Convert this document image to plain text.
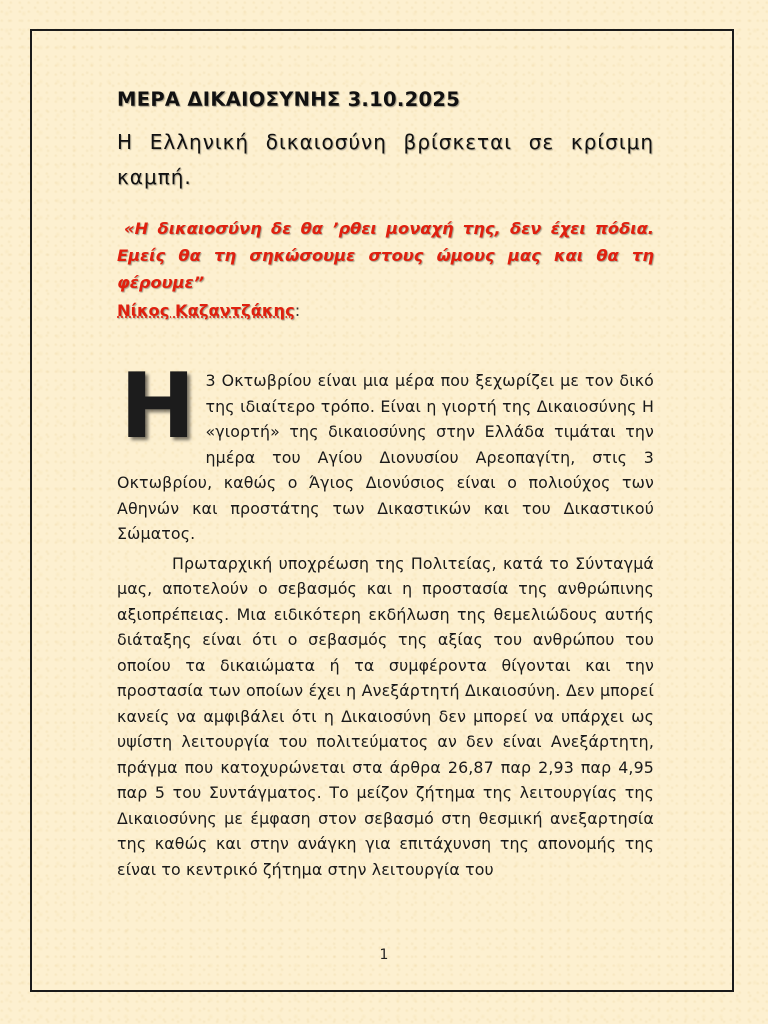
ΜΕΡΑ ΔΙΚΑΙΟΣΥΝΗΣ 3.10.2025

Η Ελληνική δικαιοσύνη βρίσκεται σε κρίσιμη καμπή.

«Η δικαιοσύνη δε θα ’ρθει μοναχή της, δεν έχει πόδια. Εμείς θα τη σηκώσουμε στους ώμους μας και θα τη φέρουμε”

Νίκος Καζαντζάκης:

Η 3 Οκτωβρίου είναι μια μέρα που ξεχωρίζει με τον δικό της ιδιαίτερο τρόπο. Είναι η γιορτή της Δικαιοσύνης Η «γιορτή» της δικαιοσύνης στην Ελλάδα τιμάται την ημέρα του Αγίου Διονυσίου Αρεοπαγίτη, στις 3 Οκτωβρίου, καθώς ο Άγιος Διονύσιος είναι ο πολιούχος των Αθηνών και προστάτης των Δικαστικών και του Δικαστικού Σώματος.

Πρωταρχική υποχρέωση της Πολιτείας, κατά το Σύνταγμά μας, αποτελούν ο σεβασμός και η προστασία της ανθρώπινης αξιοπρέπειας. Μια ειδικότερη εκδήλωση της θεμελιώδους αυτής διάταξης είναι ότι ο σεβασμός της αξίας του ανθρώπου του οποίου τα δικαιώματα ή τα συμφέροντα θίγονται και την προστασία των οποίων έχει η Ανεξάρτητή Δικαιοσύνη. Δεν μπορεί κανείς να αμφιβάλει ότι η Δικαιοσύνη δεν μπορεί να υπάρχει ως υψίστη λειτουργία του πολιτεύματος αν δεν είναι Ανεξάρτητη, πράγμα που κατοχυρώνεται στα άρθρα 26,87 παρ 2,93 παρ 4,95 παρ 5 του Συντάγματος. Το μείζον ζήτημα της λειτουργίας της Δικαιοσύνης με έμφαση στον σεβασμό στη θεσμική ανεξαρτησία της καθώς και στην ανάγκη για επιτάχυνση της απονομής της είναι το κεντρικό ζήτημα στην λειτουργία του

1
